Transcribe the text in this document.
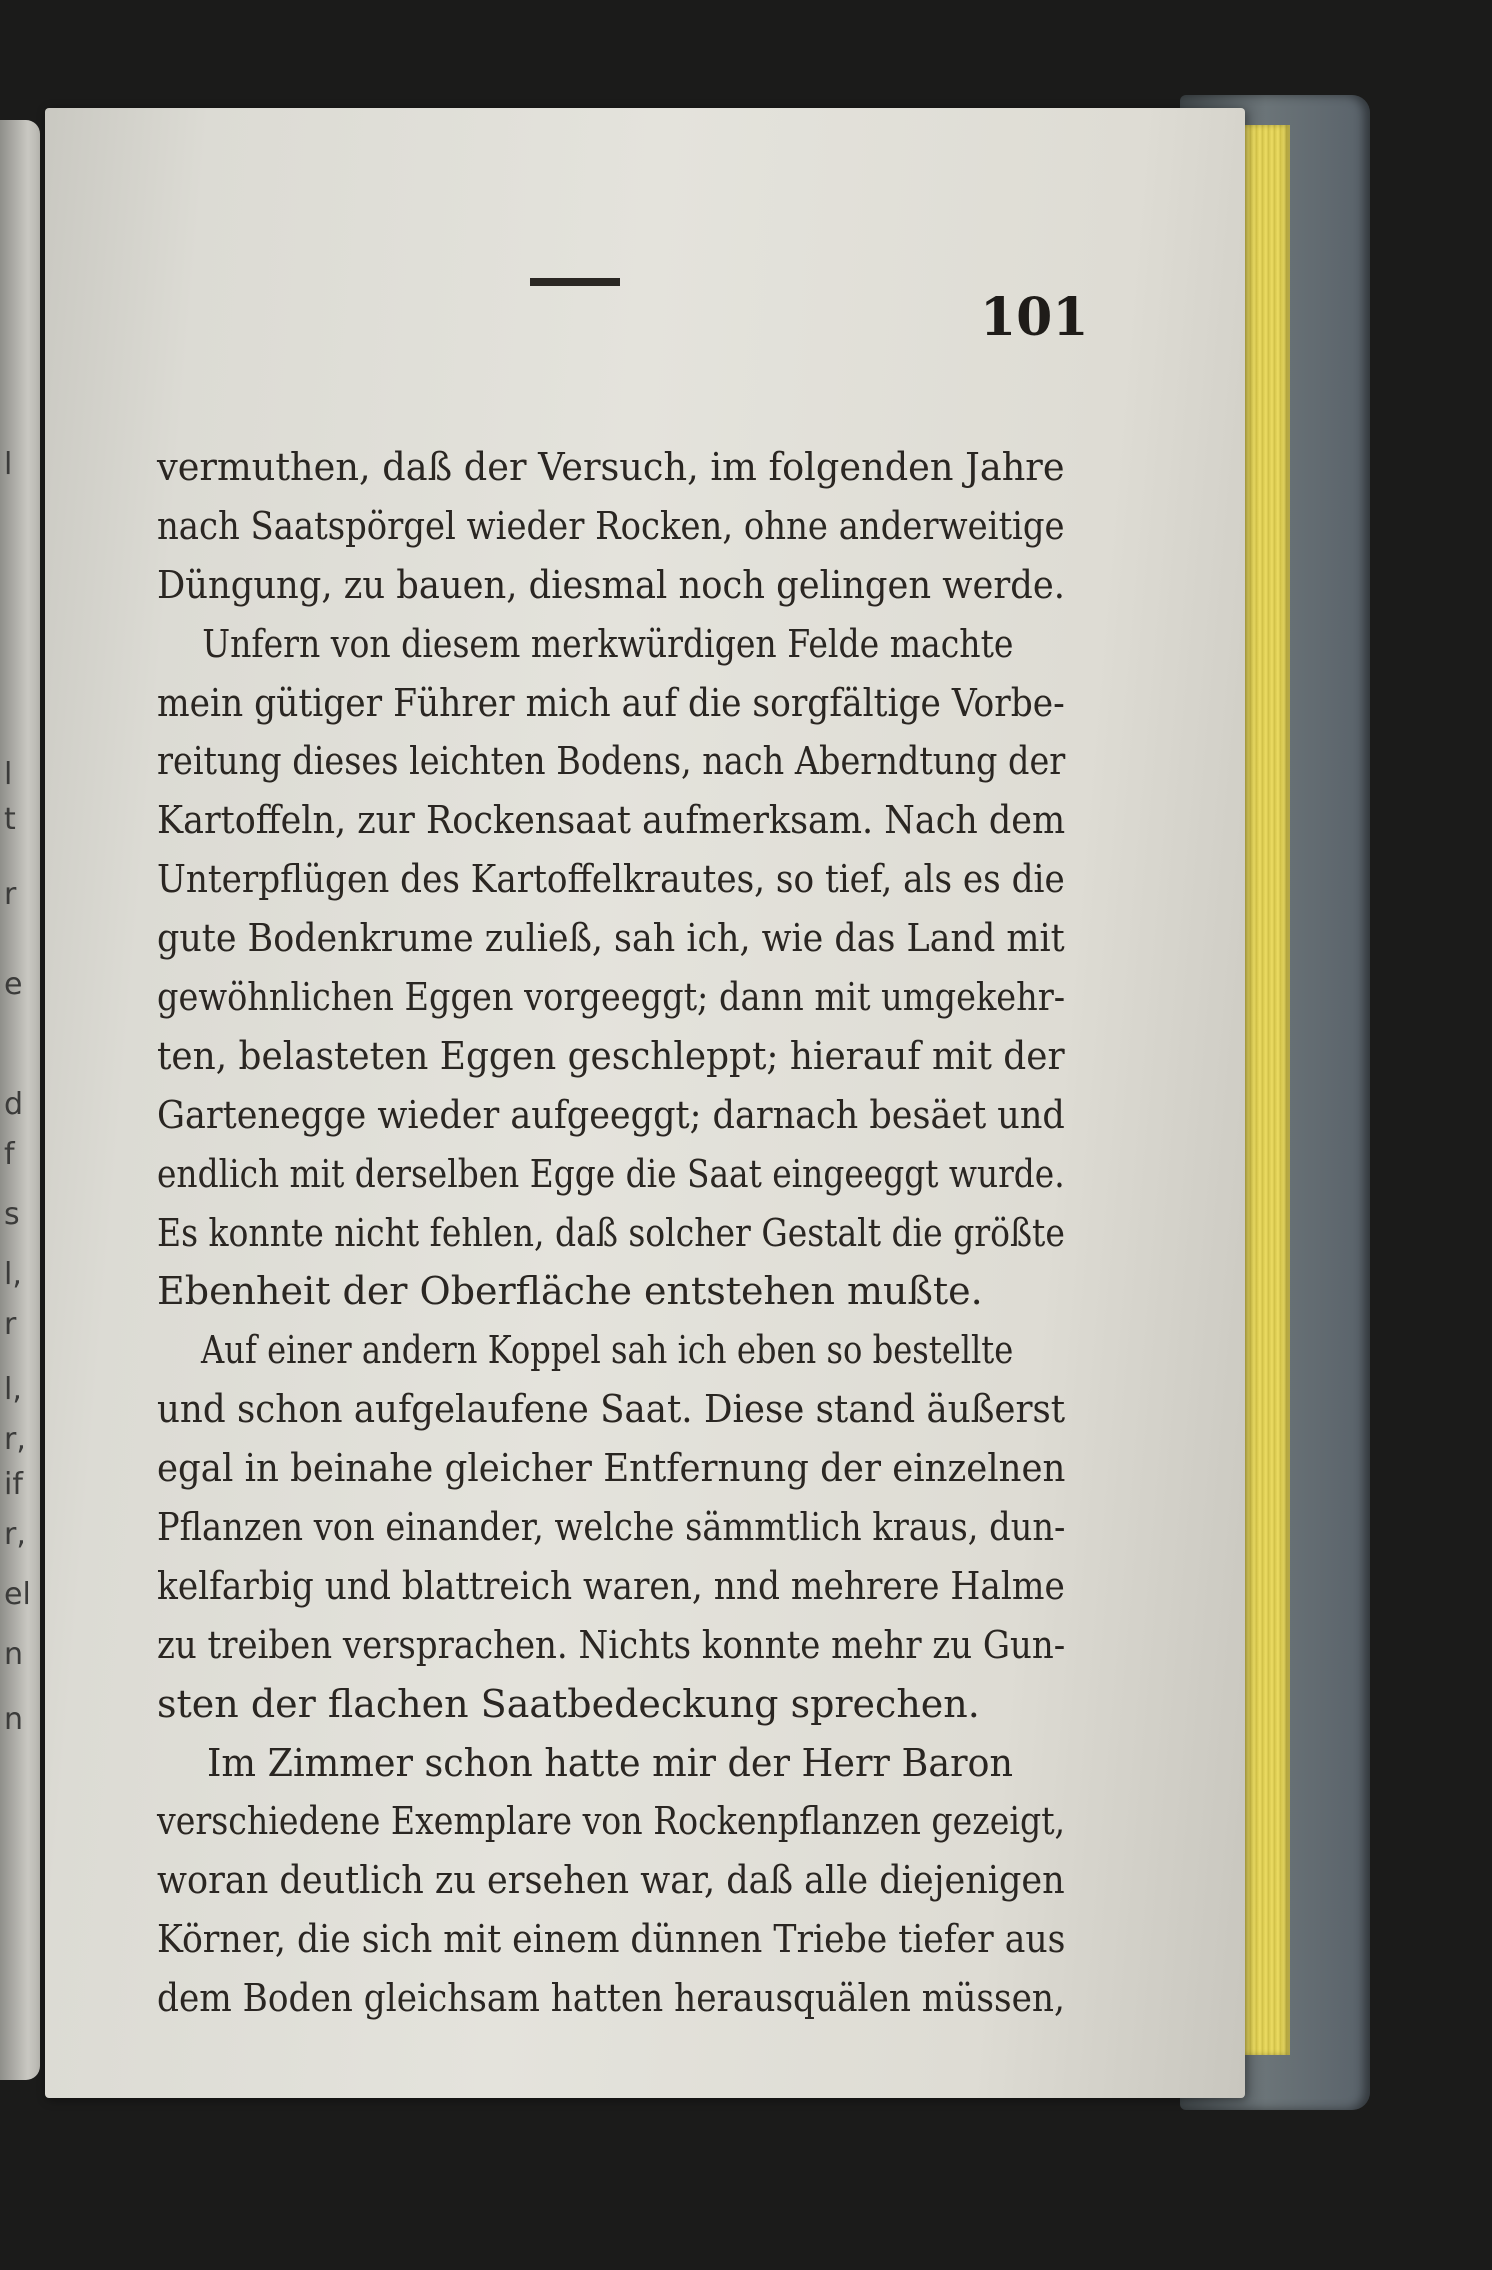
l
l
t
r
e
d
f
s
l,
r
l,
r,
if
r,
el
n
n
101
vermuthen, daß der Versuch, im folgenden Jahre
nach Saatspörgel wieder Rocken, ohne anderweitige
Düngung, zu bauen, diesmal noch gelingen werde.
Unfern von diesem merkwürdigen Felde machte
mein gütiger Führer mich auf die sorgfältige Vorbe-
reitung dieses leichten Bodens, nach Aberndtung der
Kartoffeln, zur Rockensaat aufmerksam. Nach dem
Unterpflügen des Kartoffelkrautes, so tief, als es die
gute Bodenkrume zuließ, sah ich, wie das Land mit
gewöhnlichen Eggen vorgeeggt; dann mit umgekehr-
ten, belasteten Eggen geschleppt; hierauf mit der
Gartenegge wieder aufgeeggt; darnach besäet und
endlich mit derselben Egge die Saat eingeeggt wurde.
Es konnte nicht fehlen, daß solcher Gestalt die größte
Ebenheit der Oberfläche entstehen mußte.
Auf einer andern Koppel sah ich eben so bestellte
und schon aufgelaufene Saat. Diese stand äußerst
egal in beinahe gleicher Entfernung der einzelnen
Pflanzen von einander, welche sämmtlich kraus, dun-
kelfarbig und blattreich waren, nnd mehrere Halme
zu treiben versprachen. Nichts konnte mehr zu Gun-
sten der flachen Saatbedeckung sprechen.
Im Zimmer schon hatte mir der Herr Baron
verschiedene Exemplare von Rockenpflanzen gezeigt,
woran deutlich zu ersehen war, daß alle diejenigen
Körner, die sich mit einem dünnen Triebe tiefer aus
dem Boden gleichsam hatten herausquälen müssen,
